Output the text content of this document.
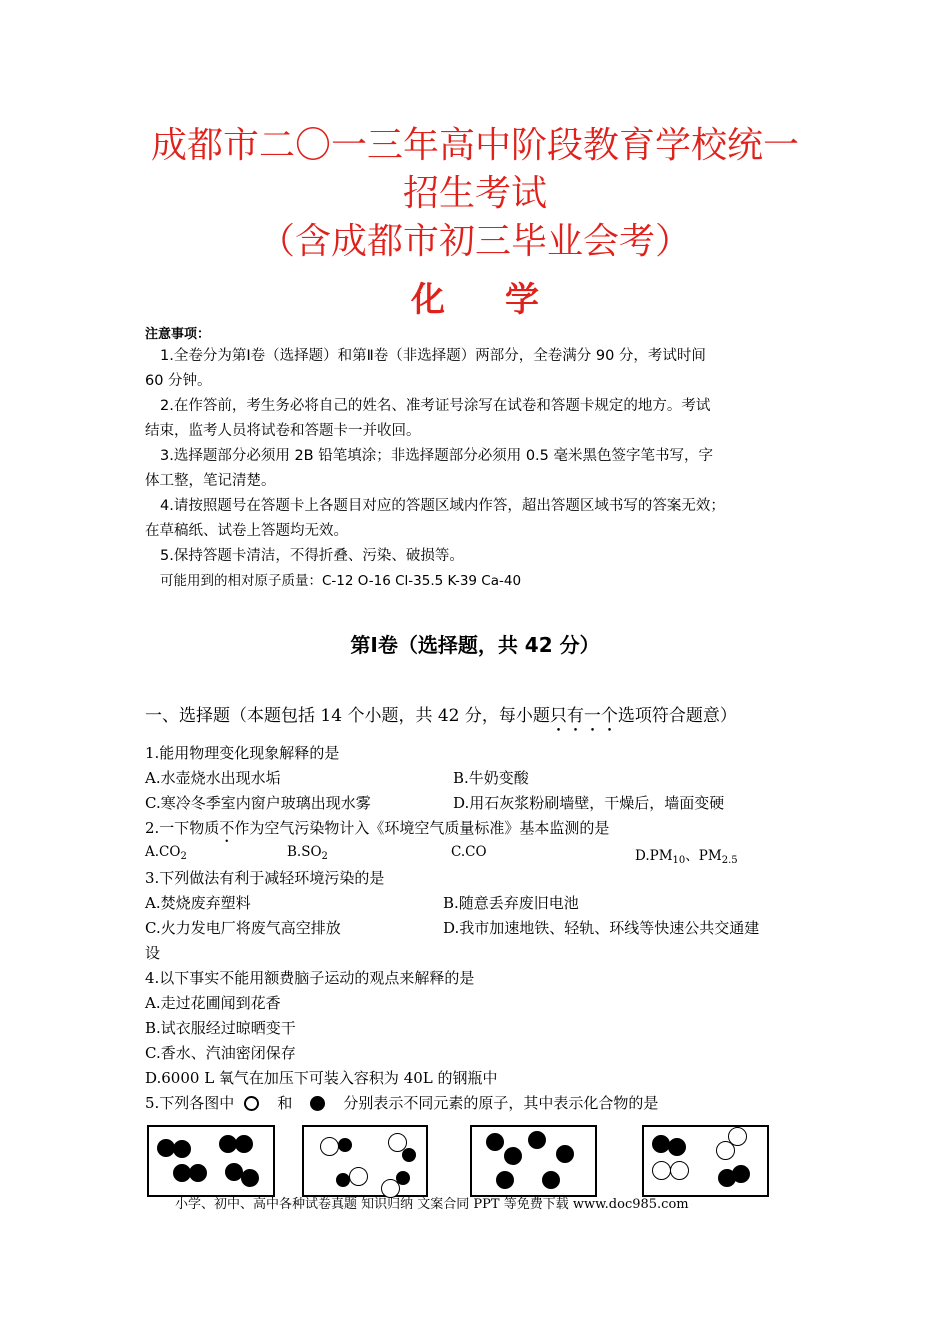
成都市二〇一三年高中阶段教育学校统一
招生考试
（含成都市初三毕业会考）
化学
注意事项：
1.全卷分为第Ⅰ卷（选择题）和第Ⅱ卷（非选择题）两部分，全卷满分 90 分，考试时间
60 分钟。
2.在作答前，考生务必将自己的姓名、准考证号涂写在试卷和答题卡规定的地方。考试
结束，监考人员将试卷和答题卡一并收回。
3.选择题部分必须用 2B 铅笔填涂；非选择题部分必须用 0.5 毫米黑色签字笔书写，字
体工整，笔记清楚。
4.请按照题号在答题卡上各题目对应的答题区域内作答，超出答题区域书写的答案无效；
在草稿纸、试卷上答题均无效。
5.保持答题卡清洁，不得折叠、污染、破损等。
可能用到的相对原子质量：C-12 O-16 Cl-35.5 K-39 Ca-40
第Ⅰ卷（选择题，共 42 分）
一、选择题（本题包括 14 个小题，共 42 分，每小题只有一个选项符合题意）
1.能用物理变化现象解释的是
A.水壶烧水出现水垢	B.牛奶变酸
C.寒冷冬季室内窗户玻璃出现水雾	D.用石灰浆粉刷墙壁，干燥后，墙面变硬
2.一下物质不作为空气污染物计入《环境空气质量标准》基本监测的是
$A.CO_2$	$B.SO_2$	C.CO	$D.PM_{10}$、$PM_{2.5}$
3.下列做法有利于减轻环境污染的是
A.焚烧废弃塑料	B.随意丢弃废旧电池
C.火力发电厂将废气高空排放	D.我市加速地铁、轻轨、环线等快速公共交通建
设
4.以下事实不能用额费脑子运动的观点来解释的是
A.走过花圃闻到花香
B.试衣服经过晾晒变干
C.香水、汽油密闭保存
D.6000 L 氧气在加压下可装入容积为 40L 的钢瓶中
5.下列各图中	和	分别表示不同元素的原子，其中表示化合物的是
小学、初中、高中各种试卷真题 知识归纳 文案合同 PPT 等免费下载 www.doc985.com
